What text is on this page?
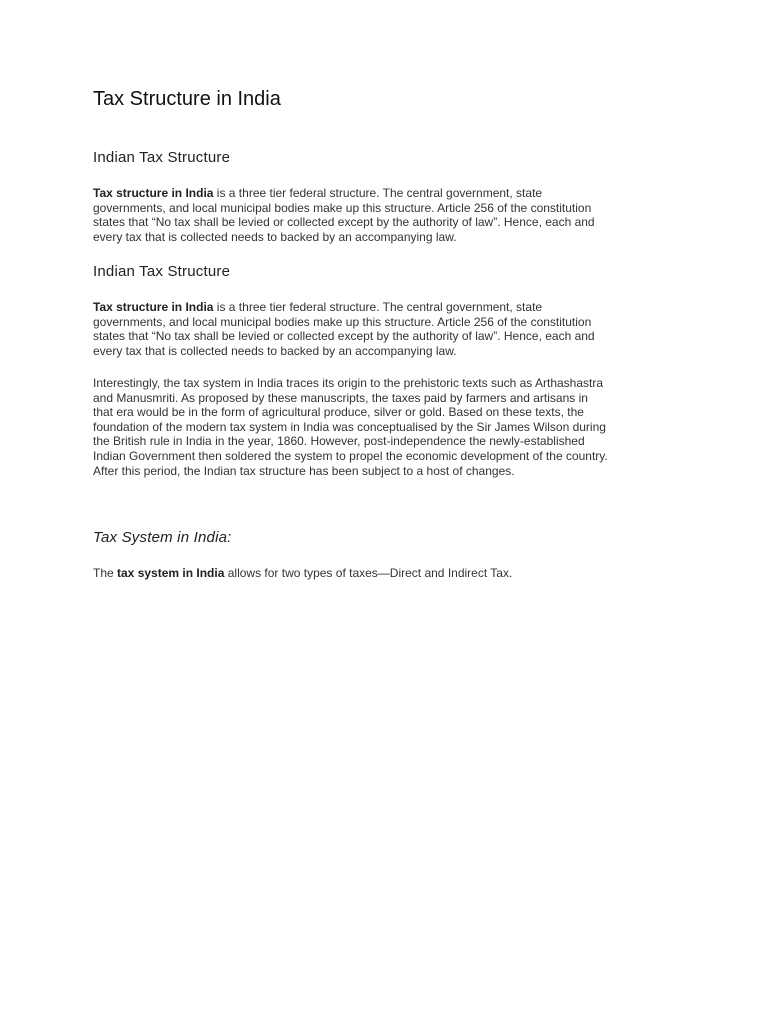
Tax Structure in India
Indian Tax Structure

Tax structure in India is a three tier federal structure. The central government, state
governments, and local municipal bodies make up this structure. Article 256 of the constitution
states that “No tax shall be levied or collected except by the authority of law”. Hence, each and
every tax that is collected needs to backed by an accompanying law.

Indian Tax Structure

Tax structure in India is a three tier federal structure. The central government, state
governments, and local municipal bodies make up this structure. Article 256 of the constitution
states that “No tax shall be levied or collected except by the authority of law”. Hence, each and
every tax that is collected needs to backed by an accompanying law.

Interestingly, the tax system in India traces its origin to the prehistoric texts such as Arthashastra
and Manusmriti. As proposed by these manuscripts, the taxes paid by farmers and artisans in
that era would be in the form of agricultural produce, silver or gold. Based on these texts, the
foundation of the modern tax system in India was conceptualised by the Sir James Wilson during
the British rule in India in the year, 1860. However, post-independence the newly-established
Indian Government then soldered the system to propel the economic development of the country.
After this period, the Indian tax structure has been subject to a host of changes.

Tax System in India:

The tax system in India allows for two types of taxes—Direct and Indirect Tax.
